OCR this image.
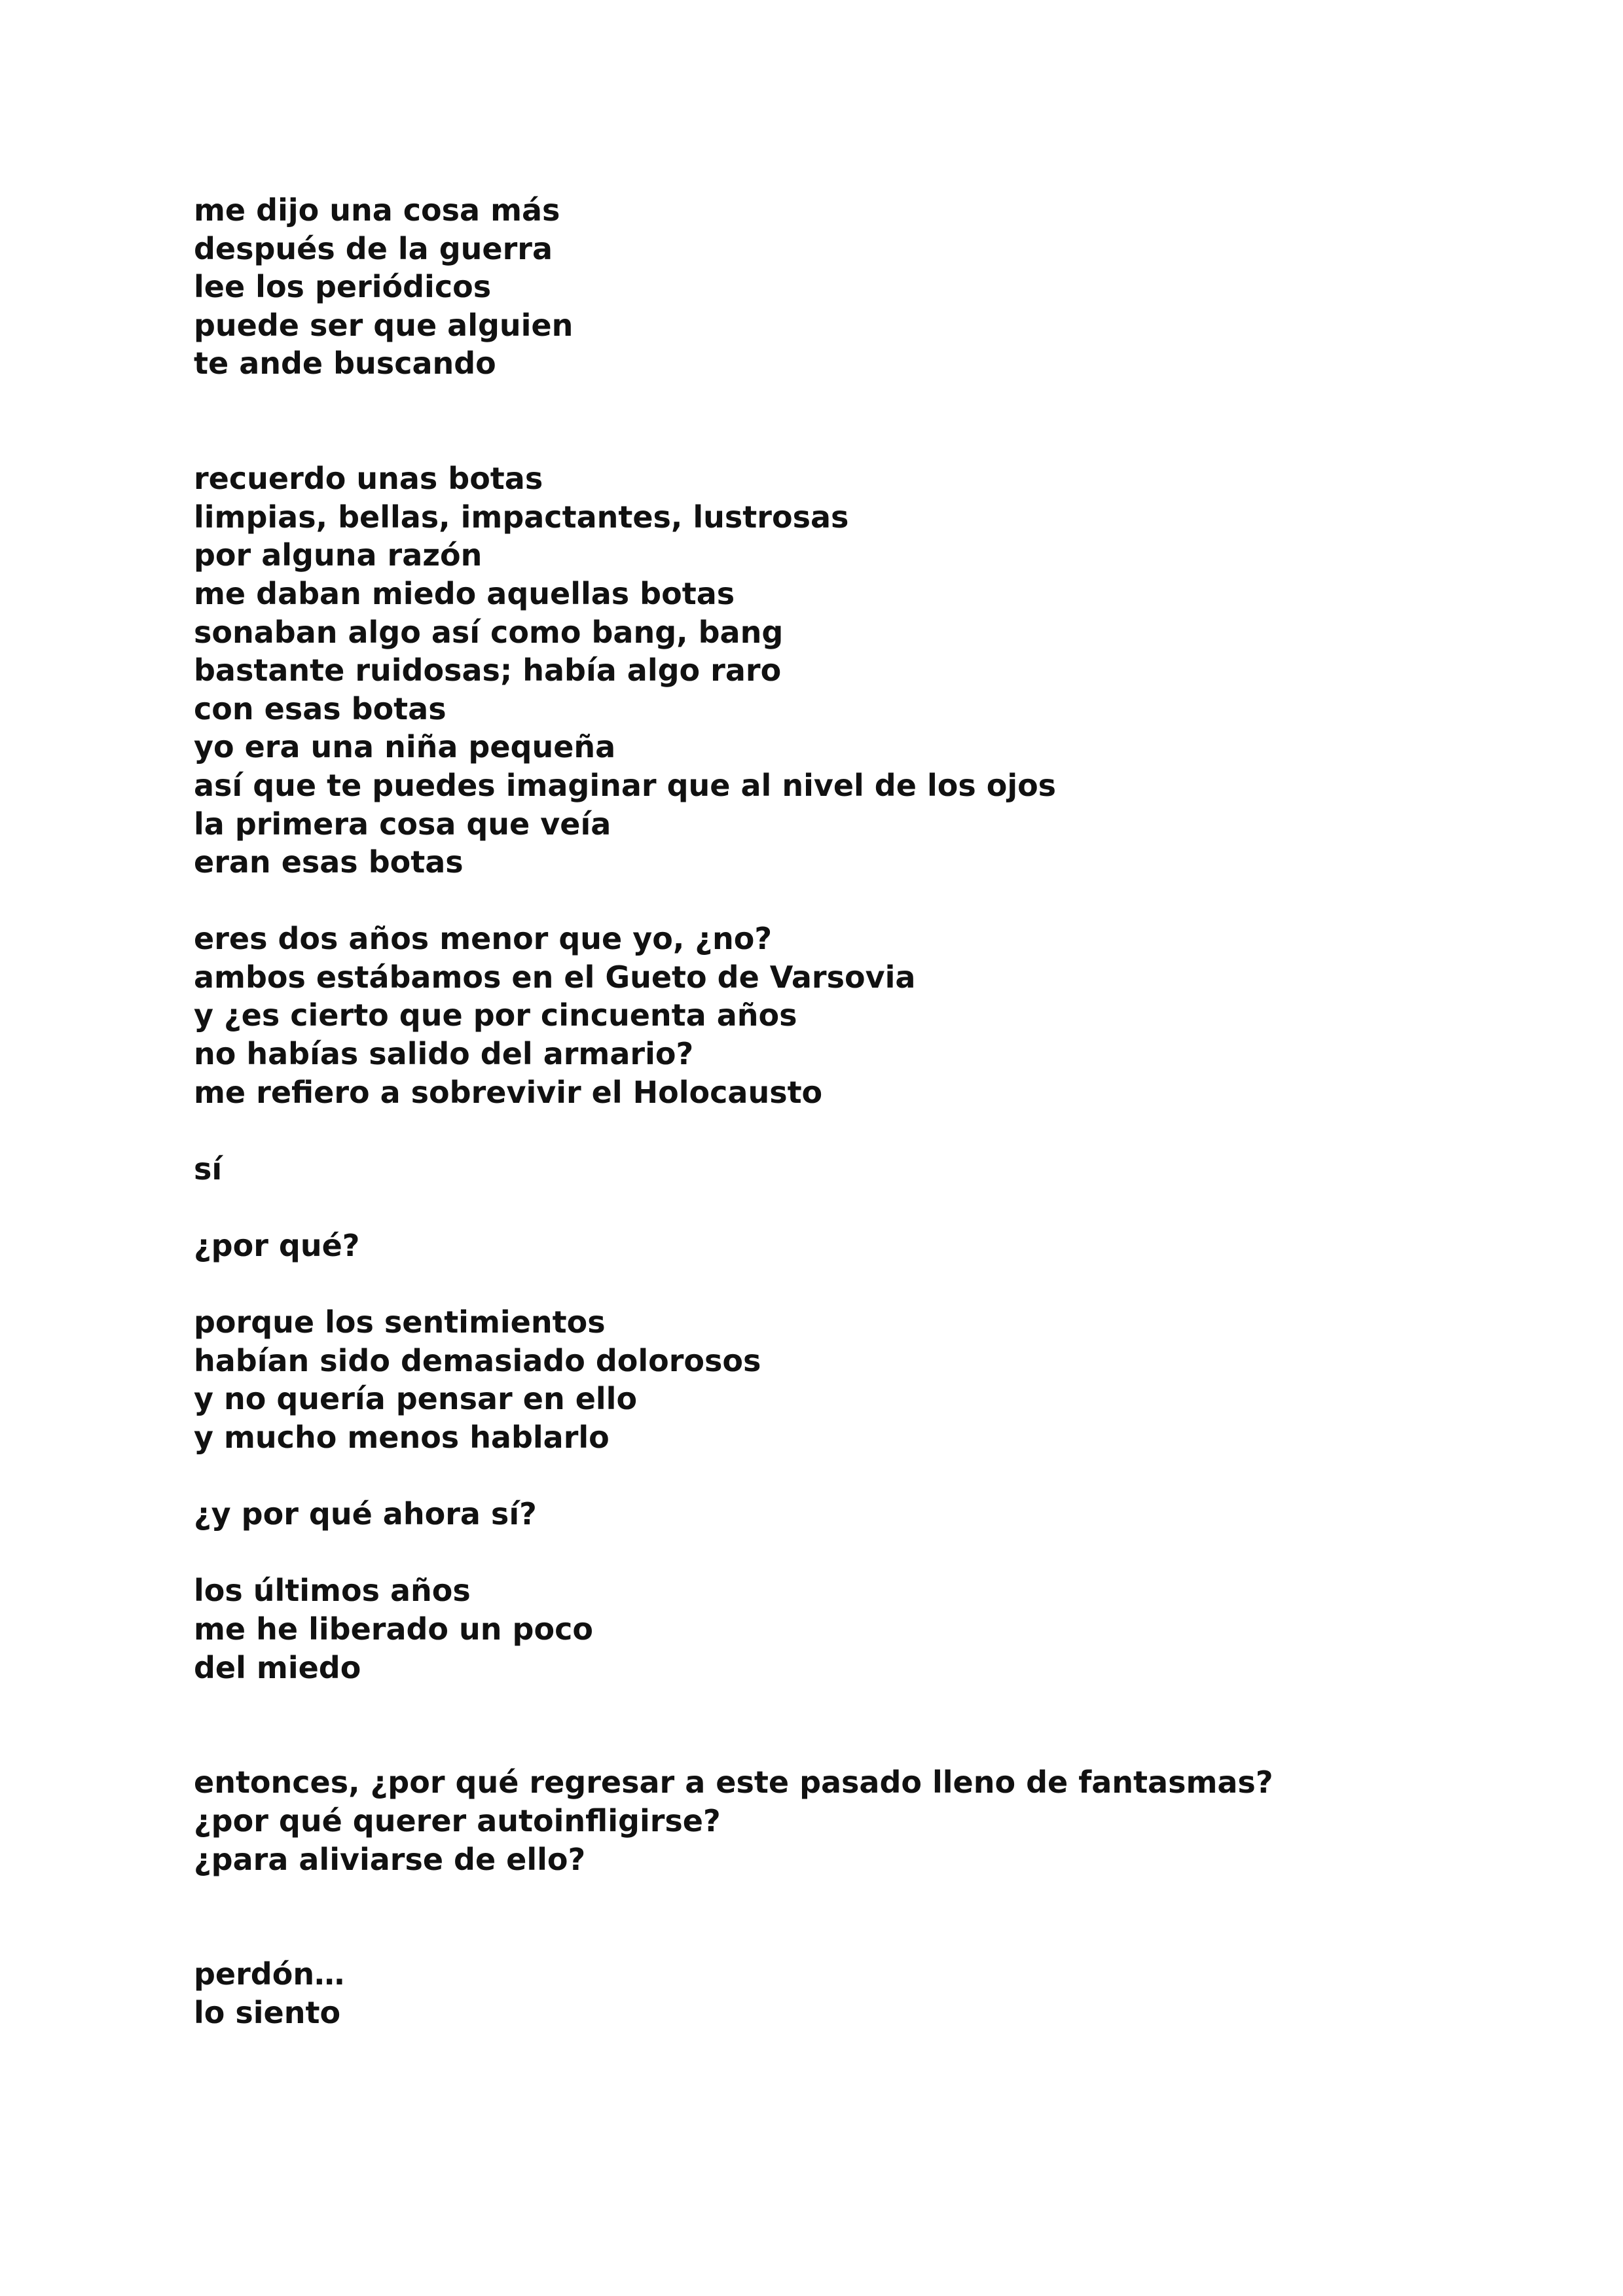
me dijo una cosa más
después de la guerra
lee los periódicos
puede ser que alguien
te ande buscando
recuerdo unas botas
limpias, bellas, impactantes, lustrosas
por alguna razón
me daban miedo aquellas botas
sonaban algo así como bang, bang
bastante ruidosas; había algo raro
con esas botas
yo era una niña pequeña
así que te puedes imaginar que al nivel de los ojos
la primera cosa que veía
eran esas botas
eres dos años menor que yo, ¿no?
ambos estábamos en el Gueto de Varsovia
y ¿es cierto que por cincuenta años
no habías salido del armario?
me refiero a sobrevivir el Holocausto
sí
¿por qué?
porque los sentimientos
habían sido demasiado dolorosos
y no quería pensar en ello
y mucho menos hablarlo
¿y por qué ahora sí?
los últimos años
me he liberado un poco
del miedo
entonces, ¿por qué regresar a este pasado lleno de fantasmas?
¿por qué querer autoinfligirse?
¿para aliviarse de ello?
perdón…
lo siento
